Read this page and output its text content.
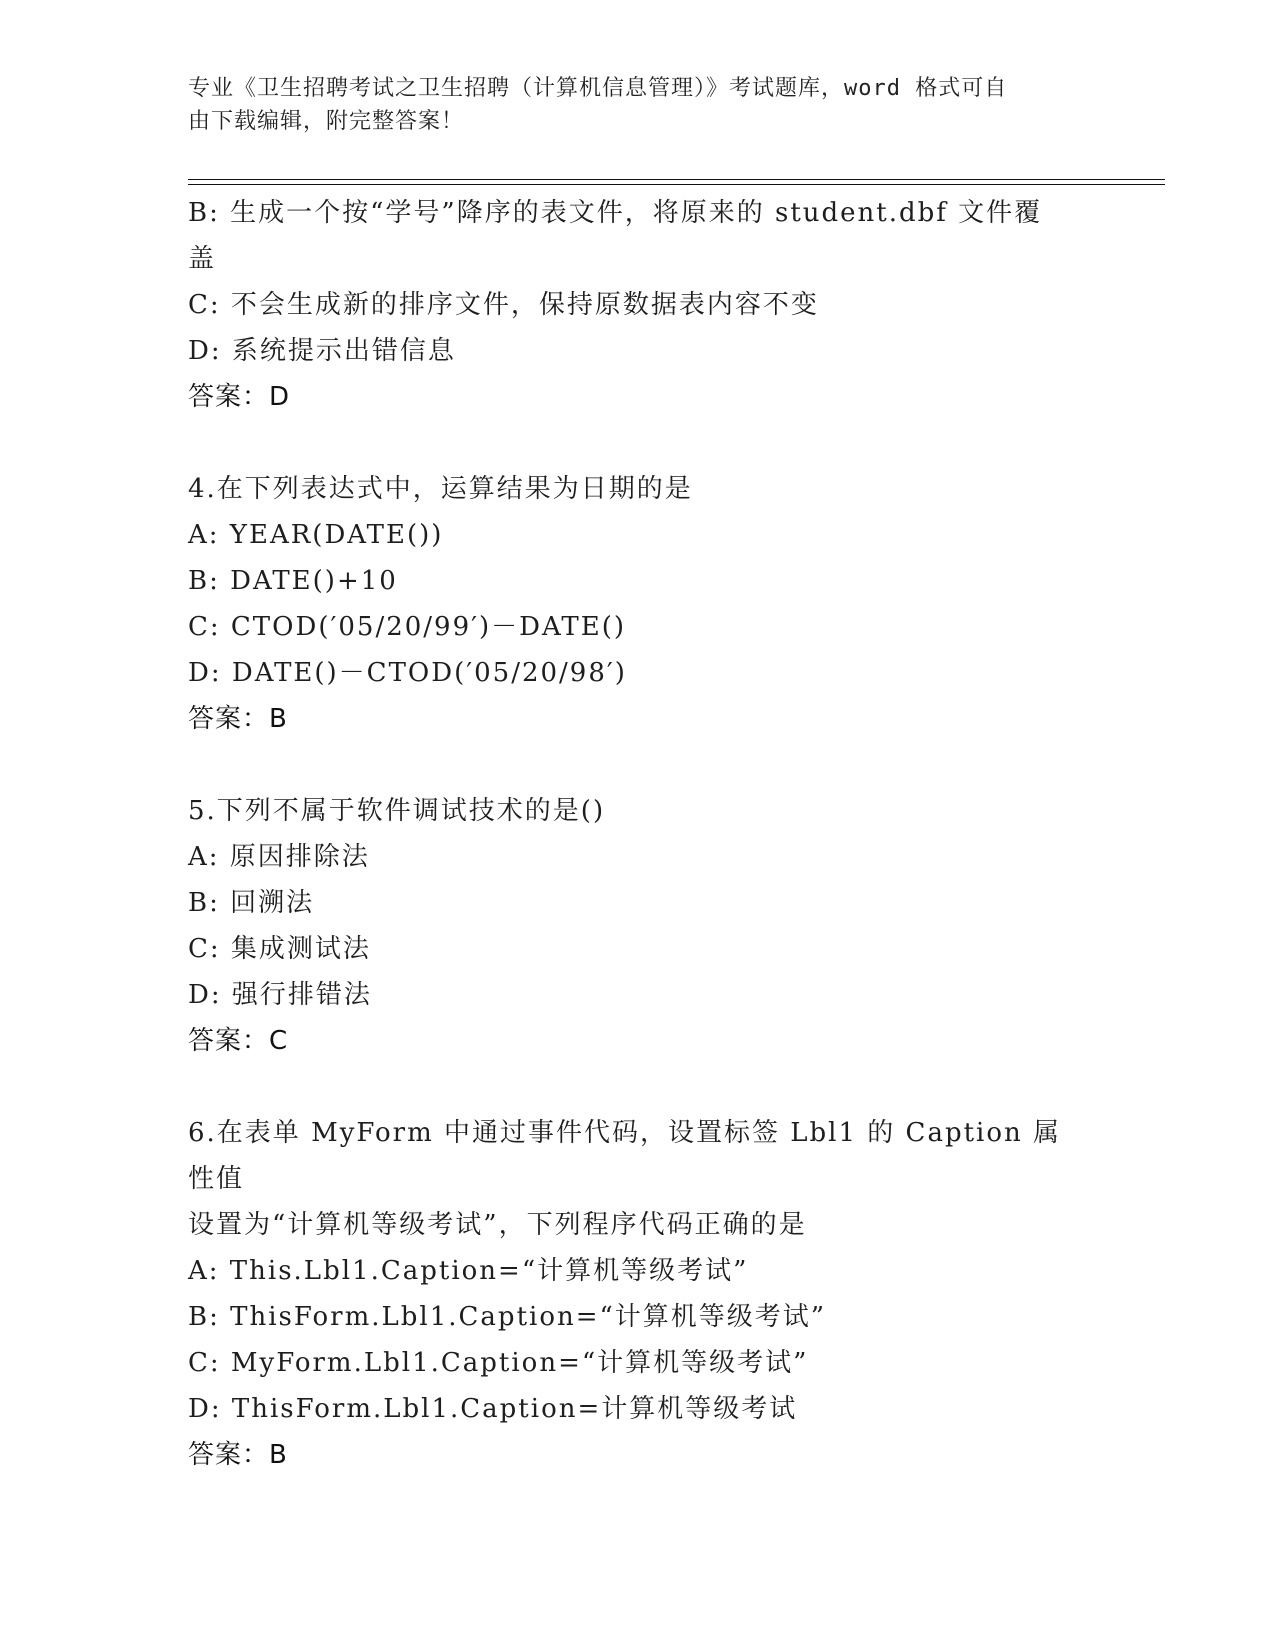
专业《卫生招聘考试之卫生招聘（计算机信息管理）》考试题库，word 格式可自
由下载编辑，附完整答案！

B: 生成一个按“学号”降序的表文件，将原来的 student.dbf 文件覆

盖

C: 不会生成新的排序文件，保持原数据表内容不变

D: 系统提示出错信息

答案：D

4.在下列表达式中，运算结果为日期的是

A: YEAR(DATE())

B: DATE()+10

C: CTOD(′05/20/99′)－DATE()

D: DATE()－CTOD(′05/20/98′)

答案：B

5.下列不属于软件调试技术的是()

A: 原因排除法

B: 回溯法

C: 集成测试法

D: 强行排错法

答案：C

6.在表单 MyForm 中通过事件代码，设置标签 Lbl1 的 Caption 属性值

设置为“计算机等级考试”，下列程序代码正确的是

A: This.Lbl1.Caption=“计算机等级考试”

B: ThisForm.Lbl1.Caption=“计算机等级考试”

C: MyForm.Lbl1.Caption=“计算机等级考试”

D: ThisForm.Lbl1.Caption=计算机等级考试

答案：B
